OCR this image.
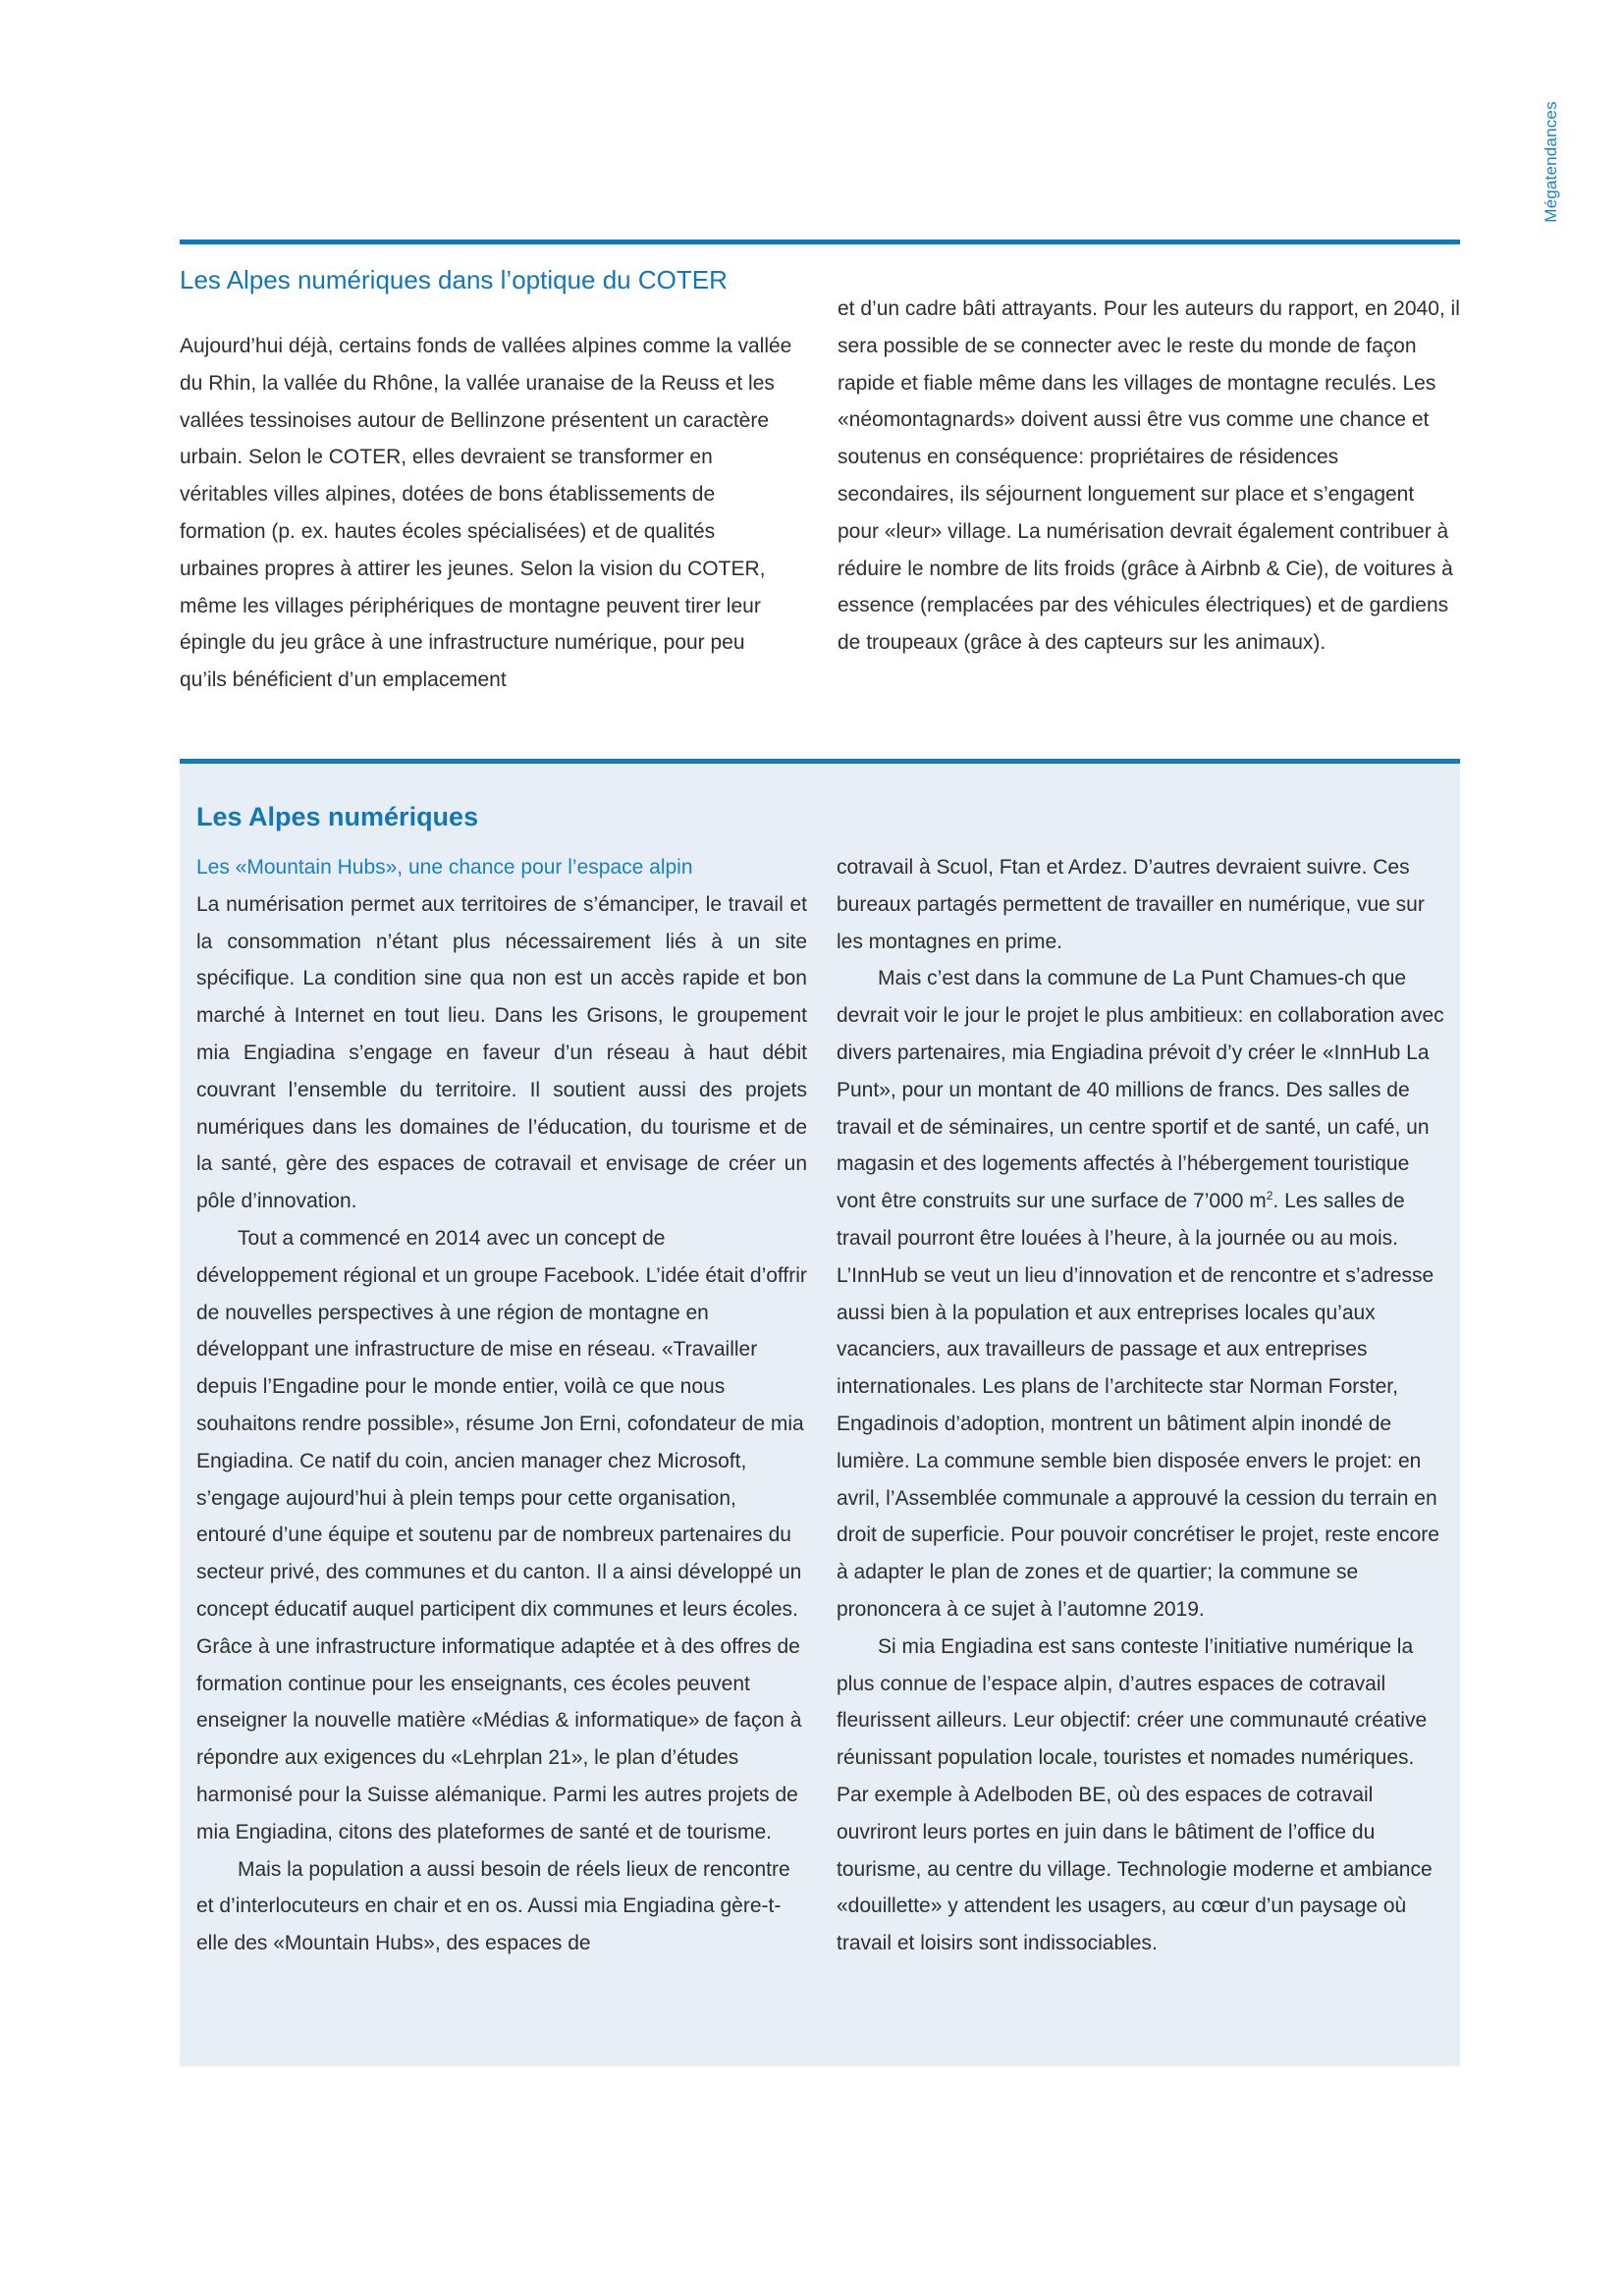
Mégatendances
Les Alpes numériques dans l’optique du COTER

Aujourd’hui déjà, certains fonds de vallées alpines comme la vallée du Rhin, la vallée du Rhône, la vallée uranaise de la Reuss et les vallées tessinoises autour de Bellinzone présentent un caractère urbain. Selon le COTER, elles devraient se transformer en véritables villes alpines, dotées de bons établissements de formation (p. ex. hautes écoles spécialisées) et de qualités urbaines propres à attirer les jeunes. Selon la vision du COTER, même les villages périphériques de montagne peuvent tirer leur épingle du jeu grâce à une infrastructure numérique, pour peu qu’ils bénéficient d’un emplacement

et d’un cadre bâti attrayants. Pour les auteurs du rapport, en 2040, il sera possible de se connecter avec le reste du monde de façon rapide et fiable même dans les villages de montagne reculés. Les «néomontagnards» doivent aussi être vus comme une chance et soutenus en conséquence: propriétaires de résidences secondaires, ils séjournent longuement sur place et s’engagent pour «leur» village. La numérisation devrait également contribuer à réduire le nombre de lits froids (grâce à Airbnb & Cie), de voitures à essence (remplacées par des véhicules électriques) et de gardiens de troupeaux (grâce à des capteurs sur les animaux).

Les Alpes numériques
Les «Mountain Hubs», une chance pour l’espace alpin

La numérisation permet aux territoires de s’émanciper, le travail et la consommation n’étant plus nécessairement liés à un site spécifique. La condition sine qua non est un accès rapide et bon marché à Internet en tout lieu. Dans les Grisons, le groupement mia Engiadina s’engage en faveur d’un réseau à haut débit couvrant l’ensemble du territoire. Il soutient aussi des projets numériques dans les domaines de l’éducation, du tourisme et de la santé, gère des espaces de cotravail et envisage de créer un pôle d’innovation.

Tout a commencé en 2014 avec un concept de développement régional et un groupe Facebook. L’idée était d’offrir de nouvelles perspectives à une région de montagne en développant une infrastructure de mise en réseau. «Travailler depuis l’Engadine pour le monde entier, voilà ce que nous souhaitons rendre possible», résume Jon Erni, cofondateur de mia Engiadina. Ce natif du coin, ancien manager chez Microsoft, s’engage aujourd’hui à plein temps pour cette organisation, entouré d’une équipe et soutenu par de nombreux partenaires du secteur privé, des communes et du canton. Il a ainsi développé un concept éducatif auquel participent dix communes et leurs écoles. Grâce à une infrastructure informatique adaptée et à des offres de formation continue pour les enseignants, ces écoles peuvent enseigner la nouvelle matière «Médias & informatique» de façon à répondre aux exigences du «Lehrplan 21», le plan d’études harmonisé pour la Suisse alémanique. Parmi les autres projets de mia Engiadina, citons des plateformes de santé et de tourisme.

Mais la population a aussi besoin de réels lieux de rencontre et d’interlocuteurs en chair et en os. Aussi mia Engiadina gère-t-elle des «Mountain Hubs», des espaces de

cotravail à Scuol, Ftan et Ardez. D’autres devraient suivre. Ces bureaux partagés permettent de travailler en numérique, vue sur les montagnes en prime.

Mais c’est dans la commune de La Punt Chamues-ch que devrait voir le jour le projet le plus ambitieux: en collaboration avec divers partenaires, mia Engiadina prévoit d’y créer le «InnHub La Punt», pour un montant de 40 millions de francs. Des salles de travail et de séminaires, un centre sportif et de santé, un café, un magasin et des logements affectés à l’hébergement touristique vont être construits sur une surface de 7’000 $m^2$. Les salles de travail pourront être louées à l’heure, à la journée ou au mois. L’InnHub se veut un lieu d’innovation et de rencontre et s’adresse aussi bien à la population et aux entreprises locales qu’aux vacanciers, aux travailleurs de passage et aux entreprises internationales. Les plans de l’architecte star Norman Forster, Engadinois d’adoption, montrent un bâtiment alpin inondé de lumière. La commune semble bien disposée envers le projet: en avril, l’Assemblée communale a approuvé la cession du terrain en droit de superficie. Pour pouvoir concrétiser le projet, reste encore à adapter le plan de zones et de quartier; la commune se prononcera à ce sujet à l’automne 2019.

Si mia Engiadina est sans conteste l’initiative numérique la plus connue de l’espace alpin, d’autres espaces de cotravail fleurissent ailleurs. Leur objectif: créer une communauté créative réunissant population locale, touristes et nomades numériques. Par exemple à Adelboden BE, où des espaces de cotravail ouvriront leurs portes en juin dans le bâtiment de l’office du tourisme, au centre du village. Technologie moderne et ambiance «douillette» y attendent les usagers, au cœur d’un paysage où travail et loisirs sont indissociables.
